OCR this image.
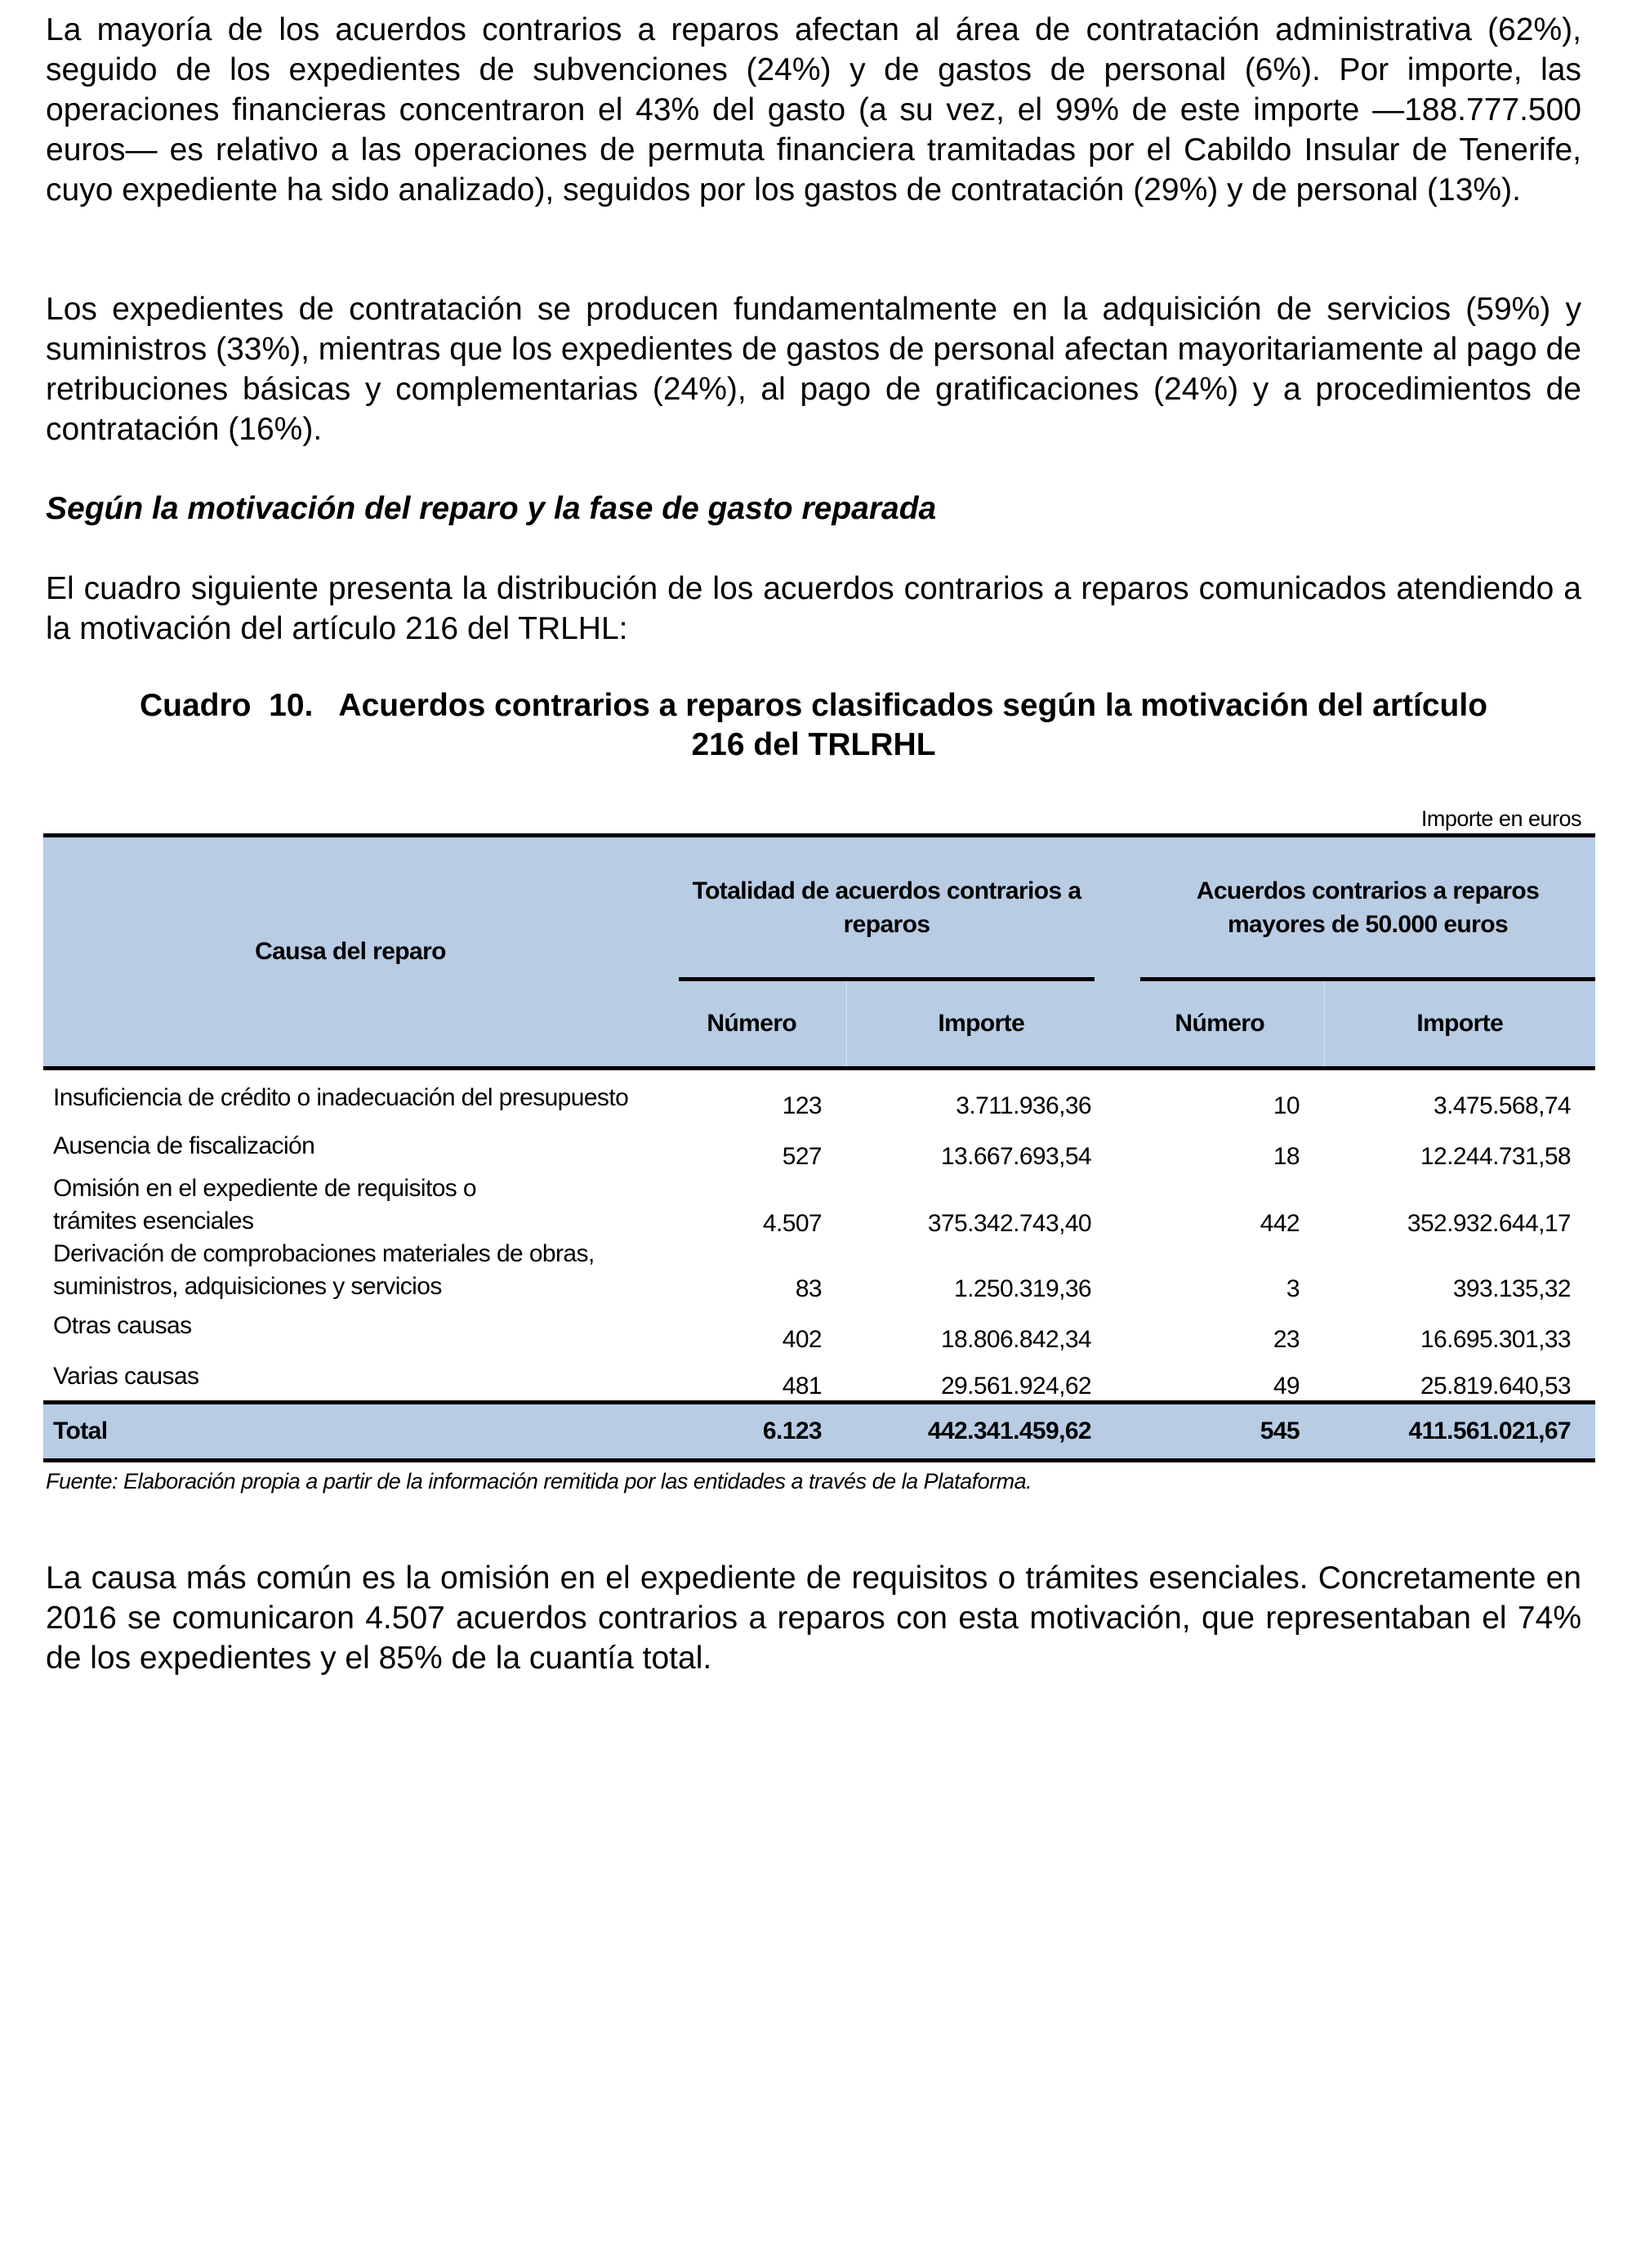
La mayoría de los acuerdos contrarios a reparos afectan al área de contratación administrativa (62%), seguido de los expedientes de subvenciones (24%) y de gastos de personal (6%). Por importe, las operaciones financieras concentraron el 43% del gasto (a su vez, el 99% de este importe —188.777.500 euros— es relativo a las operaciones de permuta financiera tramitadas por el Cabildo Insular de Tenerife, cuyo expediente ha sido analizado), seguidos por los gastos de contratación (29%) y de personal (13%).

Los expedientes de contratación se producen fundamentalmente en la adquisición de servicios (59%) y suministros (33%), mientras que los expedientes de gastos de personal afectan mayoritariamente al pago de retribuciones básicas y complementarias (24%), al pago de gratificaciones (24%) y a procedimientos de contratación (16%).

Según la motivación del reparo y la fase de gasto reparada

El cuadro siguiente presenta la distribución de los acuerdos contrarios a reparos comunicados atendiendo a la motivación del artículo 216 del TRLHL:

Cuadro  10.   Acuerdos contrarios a reparos clasificados según la motivación del artículo
216 del TRLRHL
Importe en euros
Causa del reparo	Totalidad de acuerdos contrarios a reparos		Acuerdos contrarios a reparos mayores de 50.000 euros	

	Número	Importe	Número	Importe
Insuficiencia de crédito o inadecuación del presupuesto	123	3.711.936,36	10	3.475.568,74
Ausencia de fiscalización	527	13.667.693,54	18	12.244.731,58
Omisión en el expediente de requisitos o trámites esenciales	4.507	375.342.743,40	442	352.932.644,17
Derivación de comprobaciones materiales de obras, suministros, adquisiciones y servicios	83	1.250.319,36	3	393.135,32
Otras causas	402	18.806.842,34	23	16.695.301,33
Varias causas	481	29.561.924,62	49	25.819.640,53
Total	6.123	442.341.459,62	545	411.561.021,67

Fuente: Elaboración propia a partir de la información remitida por las entidades a través de la Plataforma.

La causa más común es la omisión en el expediente de requisitos o trámites esenciales. Concretamente en 2016 se comunicaron 4.507 acuerdos contrarios a reparos con esta motivación, que representaban el 74% de los expedientes y el 85% de la cuantía total.
